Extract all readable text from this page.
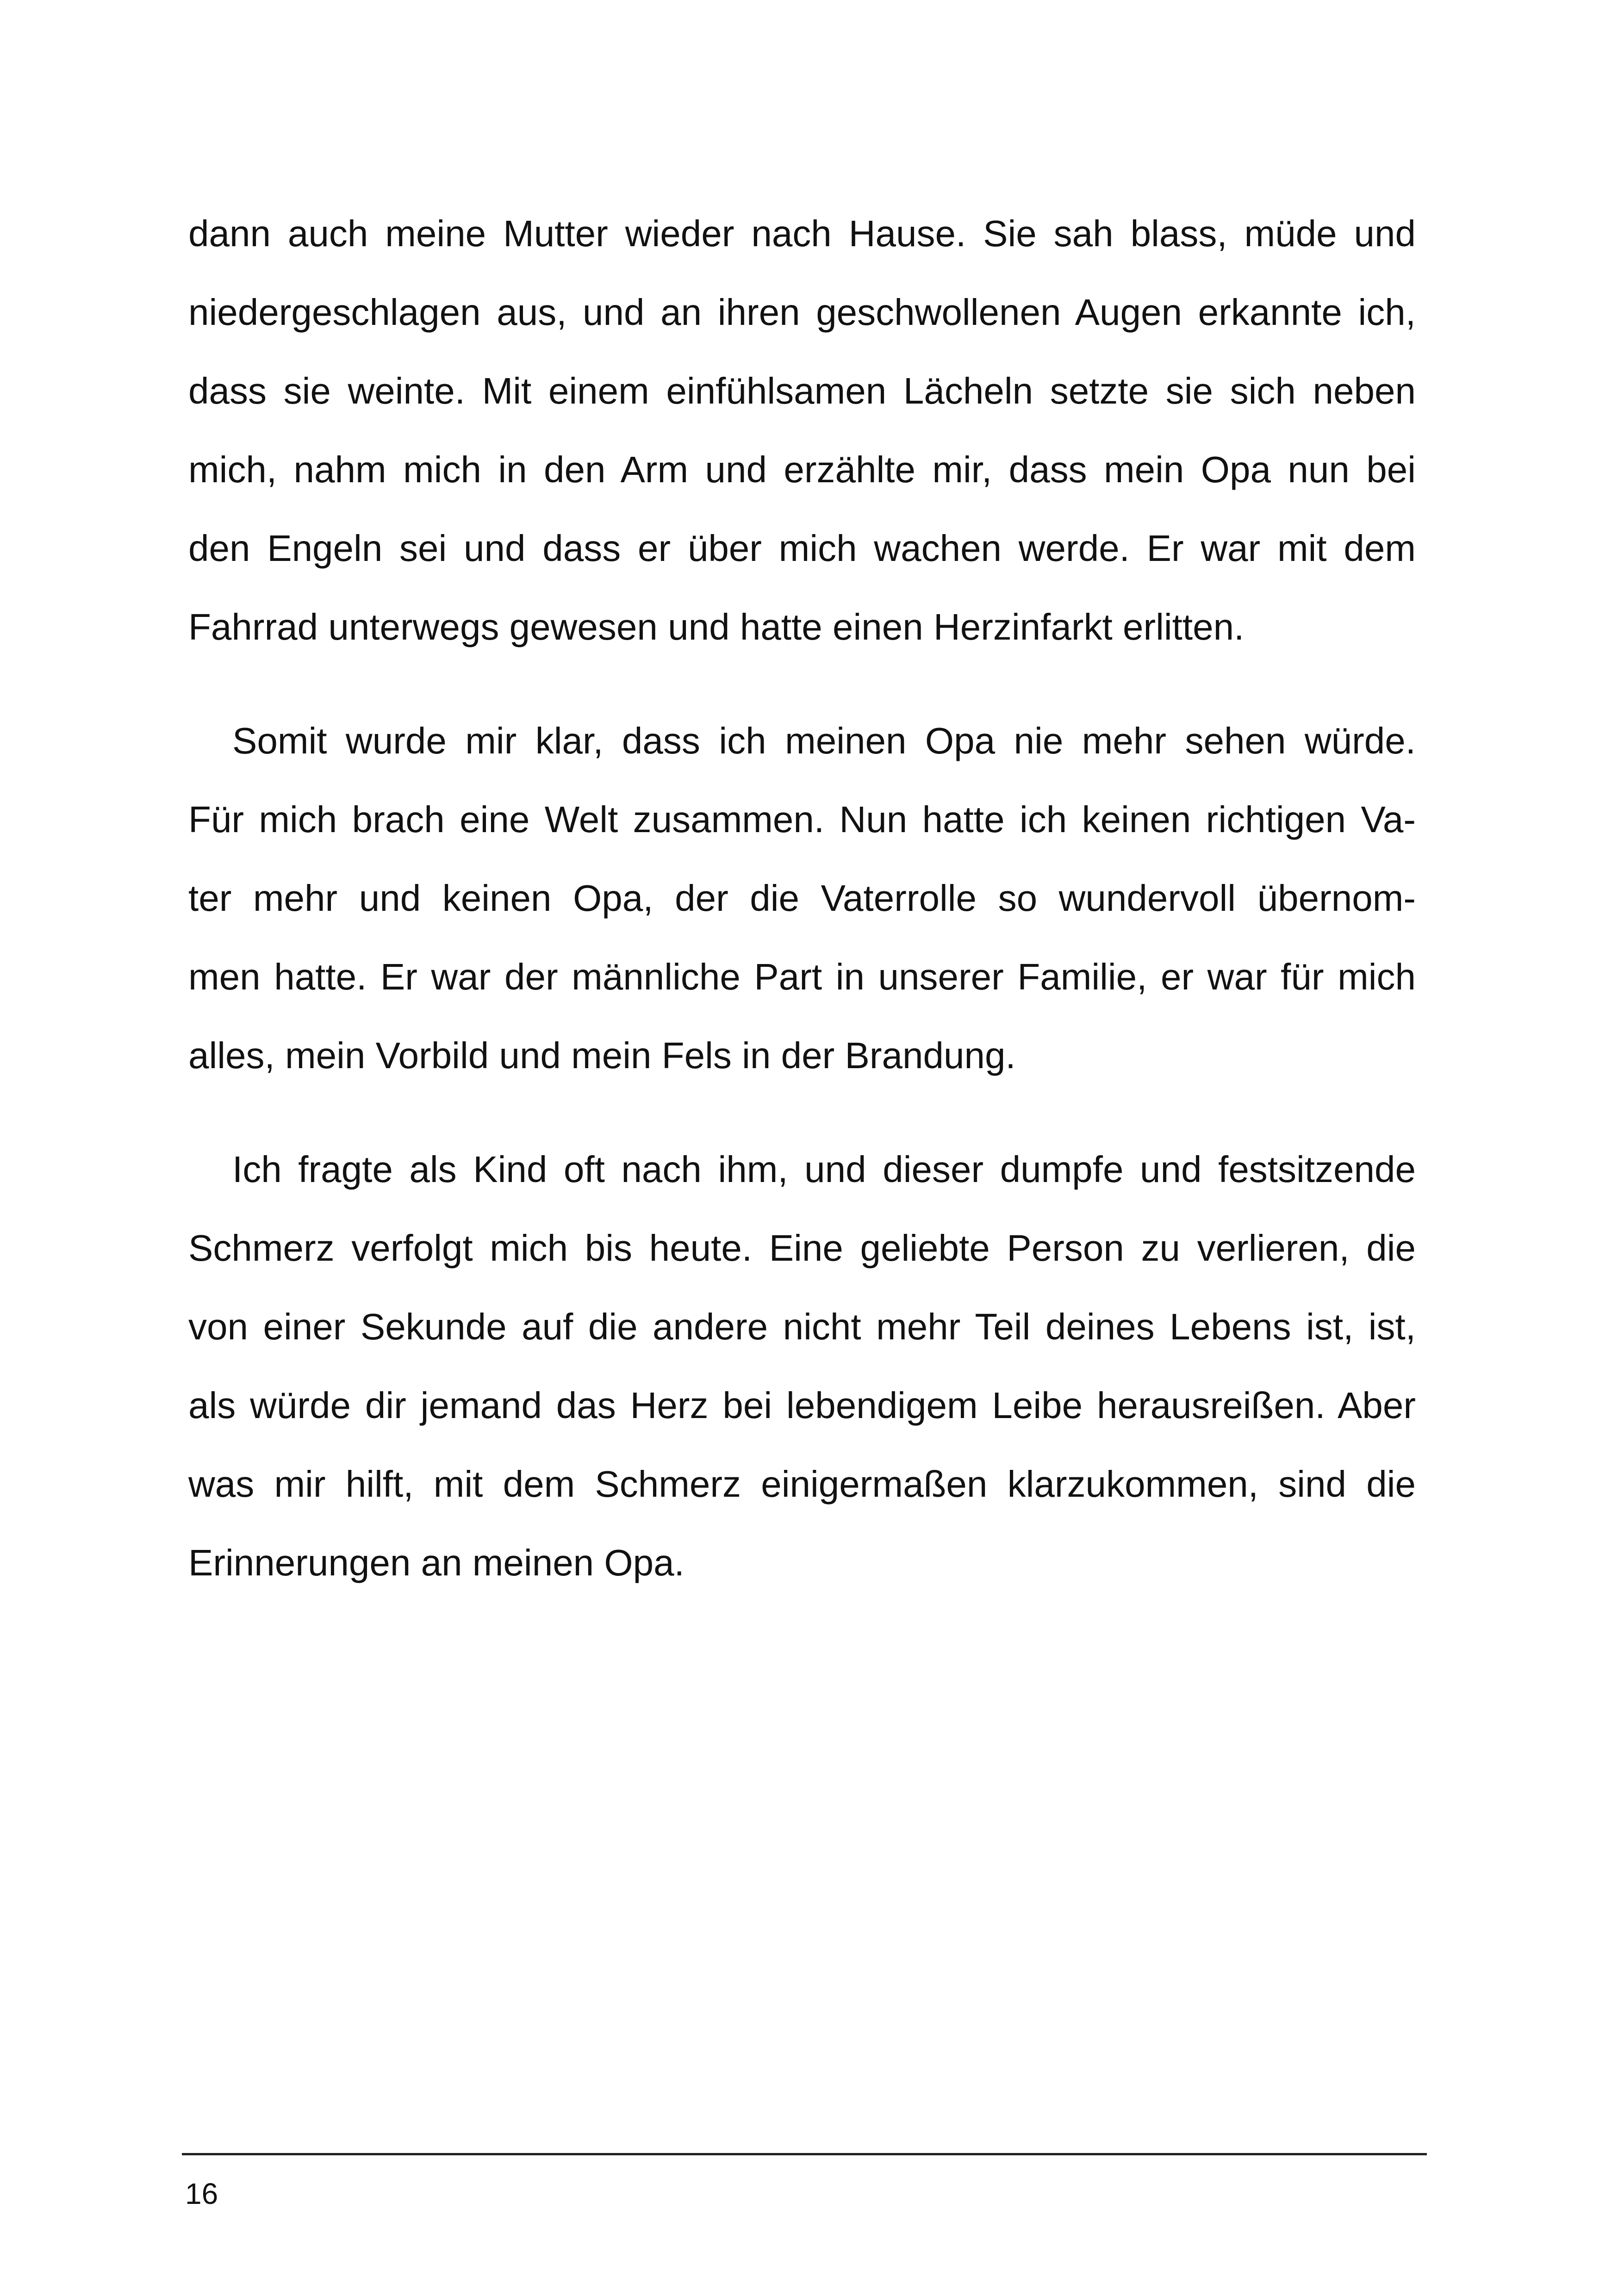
dann auch meine Mutter wieder nach Hause. Sie sah blass, müde und
niedergeschlagen aus, und an ihren geschwollenen Augen erkannte ich,
dass sie weinte. Mit einem einfühlsamen Lächeln setzte sie sich neben
mich, nahm mich in den Arm und erzählte mir, dass mein Opa nun bei
den Engeln sei und dass er über mich wachen werde. Er war mit dem
Fahrrad unterwegs gewesen und hatte einen Herzinfarkt erlitten.

Somit wurde mir klar, dass ich meinen Opa nie mehr sehen würde.
Für mich brach eine Welt zusammen. Nun hatte ich keinen richtigen Va-
ter mehr und keinen Opa, der die Vaterrolle so wundervoll übernom-
men hatte. Er war der männliche Part in unserer Familie, er war für mich
alles, mein Vorbild und mein Fels in der Brandung.

Ich fragte als Kind oft nach ihm, und dieser dumpfe und festsitzende
Schmerz verfolgt mich bis heute. Eine geliebte Person zu verlieren, die
von einer Sekunde auf die andere nicht mehr Teil deines Lebens ist, ist,
als würde dir jemand das Herz bei lebendigem Leibe herausreißen. Aber
was mir hilft, mit dem Schmerz einigermaßen klarzukommen, sind die
Erinnerungen an meinen Opa.

16
